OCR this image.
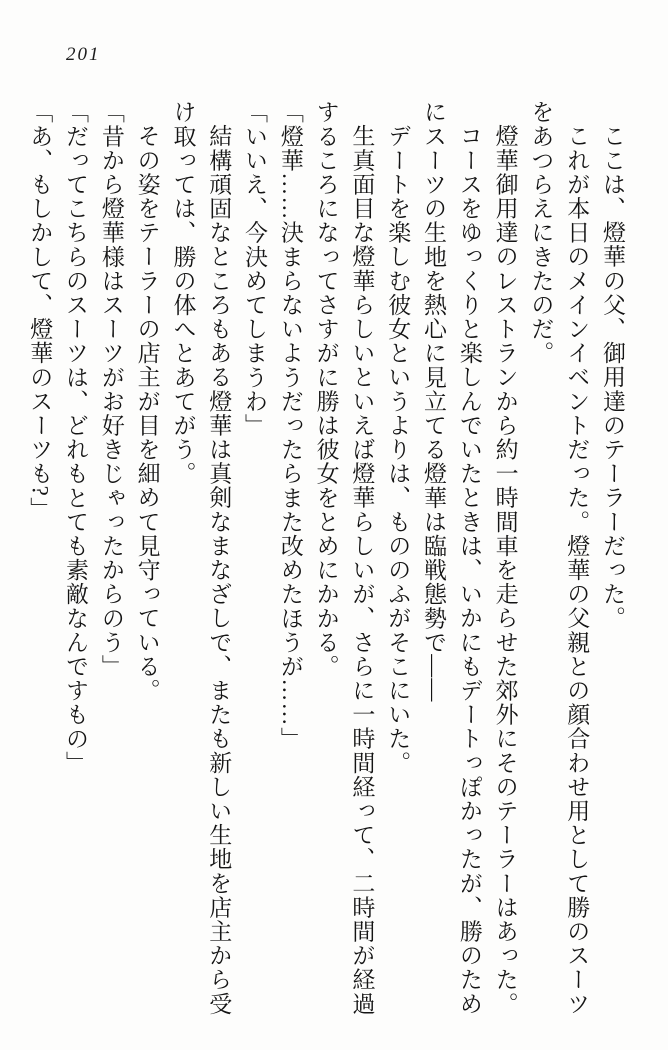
201
ここは、燈華の父、御用達のテーラーだった。
これが本日のメインイベントだった。燈華の父親との顔合わせ用として勝のスーツ
をあつらえにきたのだ。
燈華御用達のレストランから約一時間車を走らせた郊外にそのテーラーはあった。
コースをゆっくりと楽しんでいたときは、いかにもデートっぽかったが、勝のため
にスーツの生地を熱心に見立てる燈華は臨戦態勢で――
デートを楽しむ彼女というよりは、もののふがそこにいた。
生真面目な燈華らしいといえば燈華らしいが、さらに一時間経って、二時間が経過
するころになってさすがに勝は彼女をとめにかかる。
「燈華……決まらないようだったらまた改めたほうが……」
「いいえ、今決めてしまうわ」
結構頑固なところもある燈華は真剣なまなざしで、またも新しい生地を店主から受
け取っては、勝の体へとあてがう。
その姿をテーラーの店主が目を細めて見守っている。
「昔から燈華様はスーツがお好きじゃったからのう」
「だってこちらのスーツは、どれもとても素敵なんですもの」
「あ、もしかして、燈華のスーツも?」
